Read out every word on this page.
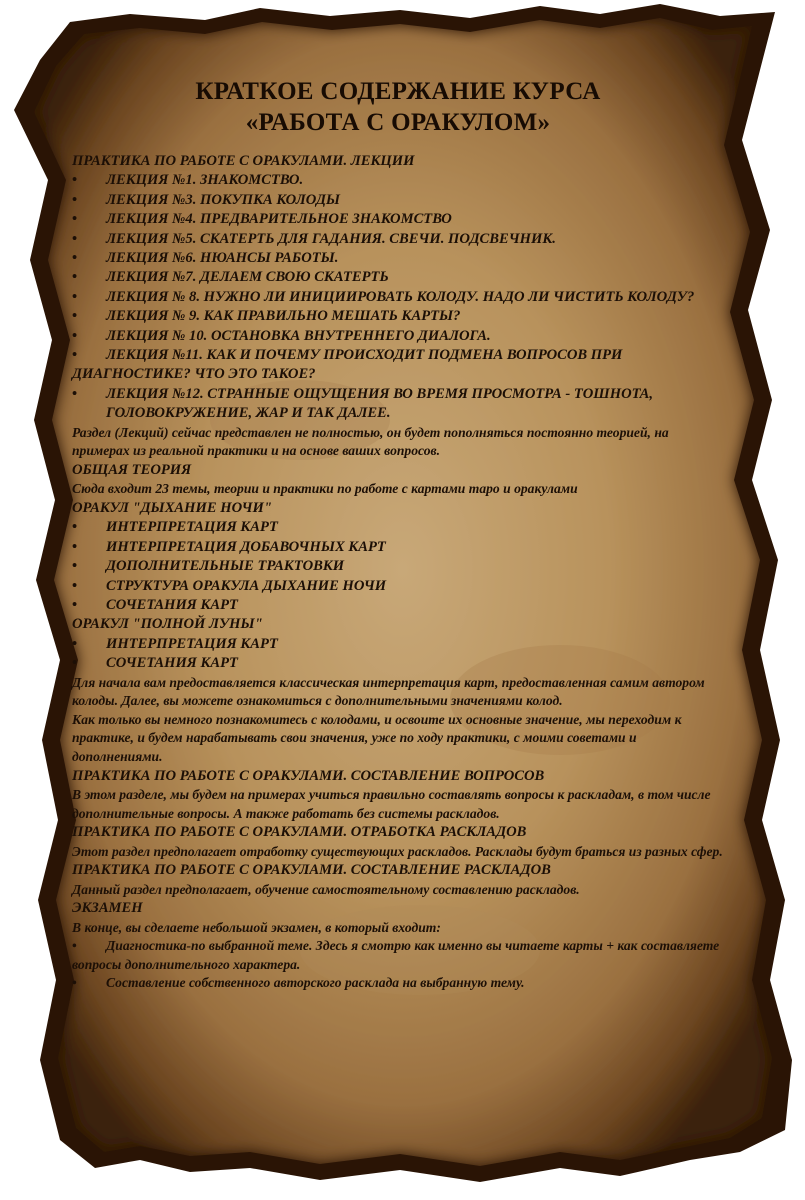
КРАТКОЕ СОДЕРЖАНИЕ КУРСА
«РАБОТА С ОРАКУЛОМ»
ПРАКТИКА ПО РАБОТЕ С ОРАКУЛАМИ. ЛЕКЦИИ
•	ЛЕКЦИЯ №1. ЗНАКОМСТВО.
•	ЛЕКЦИЯ №3. ПОКУПКА КОЛОДЫ
•	ЛЕКЦИЯ №4. ПРЕДВАРИТЕЛЬНОЕ ЗНАКОМСТВО
•	ЛЕКЦИЯ №5. СКАТЕРТЬ ДЛЯ ГАДАНИЯ. СВЕЧИ. ПОДСВЕЧНИК.
•	ЛЕКЦИЯ №6. НЮАНСЫ РАБОТЫ.
•	ЛЕКЦИЯ №7. ДЕЛАЕМ СВОЮ СКАТЕРТЬ
• ЛЕКЦИЯ № 8. НУЖНО ЛИ ИНИЦИИРОВАТЬ КОЛОДУ. НАДО ЛИ ЧИСТИТЬ КОЛОДУ?
•	ЛЕКЦИЯ № 9. КАК ПРАВИЛЬНО МЕШАТЬ КАРТЫ?
•	ЛЕКЦИЯ № 10. ОСТАНОВКА ВНУТРЕННЕГО ДИАЛОГА.
• ЛЕКЦИЯ №11. КАК И ПОЧЕМУ ПРОИСХОДИТ ПОДМЕНА ВОПРОСОВ ПРИ ДИАГНОСТИКЕ? ЧТО ЭТО ТАКОЕ?
•	ЛЕКЦИЯ №12. СТРАННЫЕ ОЩУЩЕНИЯ ВО ВРЕМЯ ПРОСМОТРА - ТОШНОТА, ГОЛОВОКРУЖЕНИЕ, ЖАР И ТАК ДАЛЕЕ.
Раздел (Лекций) сейчас представлен не полностью, он будет пополняться постоянно теорией, на примерах из реальной практики и на основе ваших вопросов.
ОБЩАЯ ТЕОРИЯ
Сюда входит 23 темы, теории и практики по работе с картами таро и оракулами
ОРАКУЛ "ДЫХАНИЕ НОЧИ"
•	ИНТЕРПРЕТАЦИЯ КАРТ
•	ИНТЕРПРЕТАЦИЯ ДОБАВОЧНЫХ КАРТ
•	ДОПОЛНИТЕЛЬНЫЕ ТРАКТОВКИ
•	СТРУКТУРА ОРАКУЛА ДЫХАНИЕ НОЧИ
•	СОЧЕТАНИЯ КАРТ
ОРАКУЛ "ПОЛНОЙ ЛУНЫ"
•	ИНТЕРПРЕТАЦИЯ КАРТ
•	СОЧЕТАНИЯ КАРТ
Для начала вам предоставляется классическая интерпретация карт, предоставленная самим автором колоды. Далее, вы можете ознакомиться с дополнительными значениями колод.
Как только вы немного познакомитесь с колодами, и освоите их основные значение, мы переходим к практике, и будем нарабатывать свои значения, уже по ходу практики, с моими советами и дополнениями.
ПРАКТИКА ПО РАБОТЕ С ОРАКУЛАМИ. СОСТАВЛЕНИЕ ВОПРОСОВ
В этом разделе, мы будем на примерах учиться правильно составлять вопросы к раскладам, в том числе дополнительные вопросы. А также работать без системы раскладов.
ПРАКТИКА ПО РАБОТЕ С ОРАКУЛАМИ. ОТРАБОТКА РАСКЛАДОВ
Этот раздел предполагает отработку существующих раскладов. Расклады будут браться из разных сфер.
ПРАКТИКА ПО РАБОТЕ С ОРАКУЛАМИ. СОСТАВЛЕНИЕ РАСКЛАДОВ
Данный раздел предполагает, обучение самостоятельному составлению раскладов.
ЭКЗАМЕН
В конце, вы сделаете небольшой экзамен, в который входит:
• Диагностика-по выбранной теме. Здесь я смотрю как именно вы читаете карты + как составляете вопросы дополнительного характера.
•	Составление собственного авторского расклада на выбранную тему.
